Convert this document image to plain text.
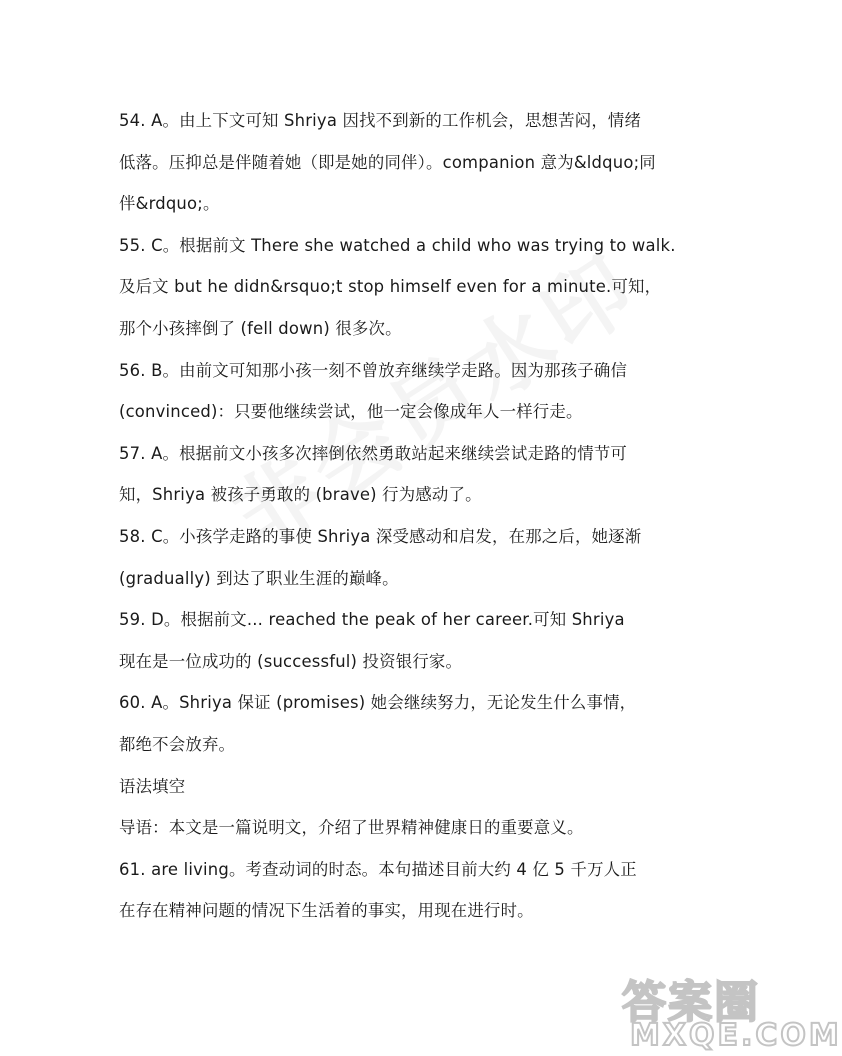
54. A。由上下文可知 Shriya 因找不到新的工作机会，思想苦闷，情绪
低落。压抑总是伴随着她（即是她的同伴）。companion 意为&ldquo;同
伴&rdquo;。
55. C。根据前文 There she watched a child who was trying to walk.
及后文 but he didn&rsquo;t stop himself even for a minute.可知，
那个小孩摔倒了 (fell down) 很多次。
56. B。由前文可知那小孩一刻不曾放弃继续学走路。因为那孩子确信
(convinced)：只要他继续尝试，他一定会像成年人一样行走。
57. A。根据前文小孩多次摔倒依然勇敢站起来继续尝试走路的情节可
知，Shriya 被孩子勇敢的 (brave) 行为感动了。
58. C。小孩学走路的事使 Shriya 深受感动和启发，在那之后，她逐渐
(gradually) 到达了职业生涯的巅峰。
59. D。根据前文... reached the peak of her career.可知 Shriya
现在是一位成功的 (successful) 投资银行家。
60. A。Shriya 保证 (promises) 她会继续努力，无论发生什么事情，
都绝不会放弃。
语法填空
导语：本文是一篇说明文，介绍了世界精神健康日的重要意义。
61. are living。考查动词的时态。本句描述目前大约 4 亿 5 千万人正
在存在精神问题的情况下生活着的事实，用现在进行时。
答案圈
MXQE.COM
